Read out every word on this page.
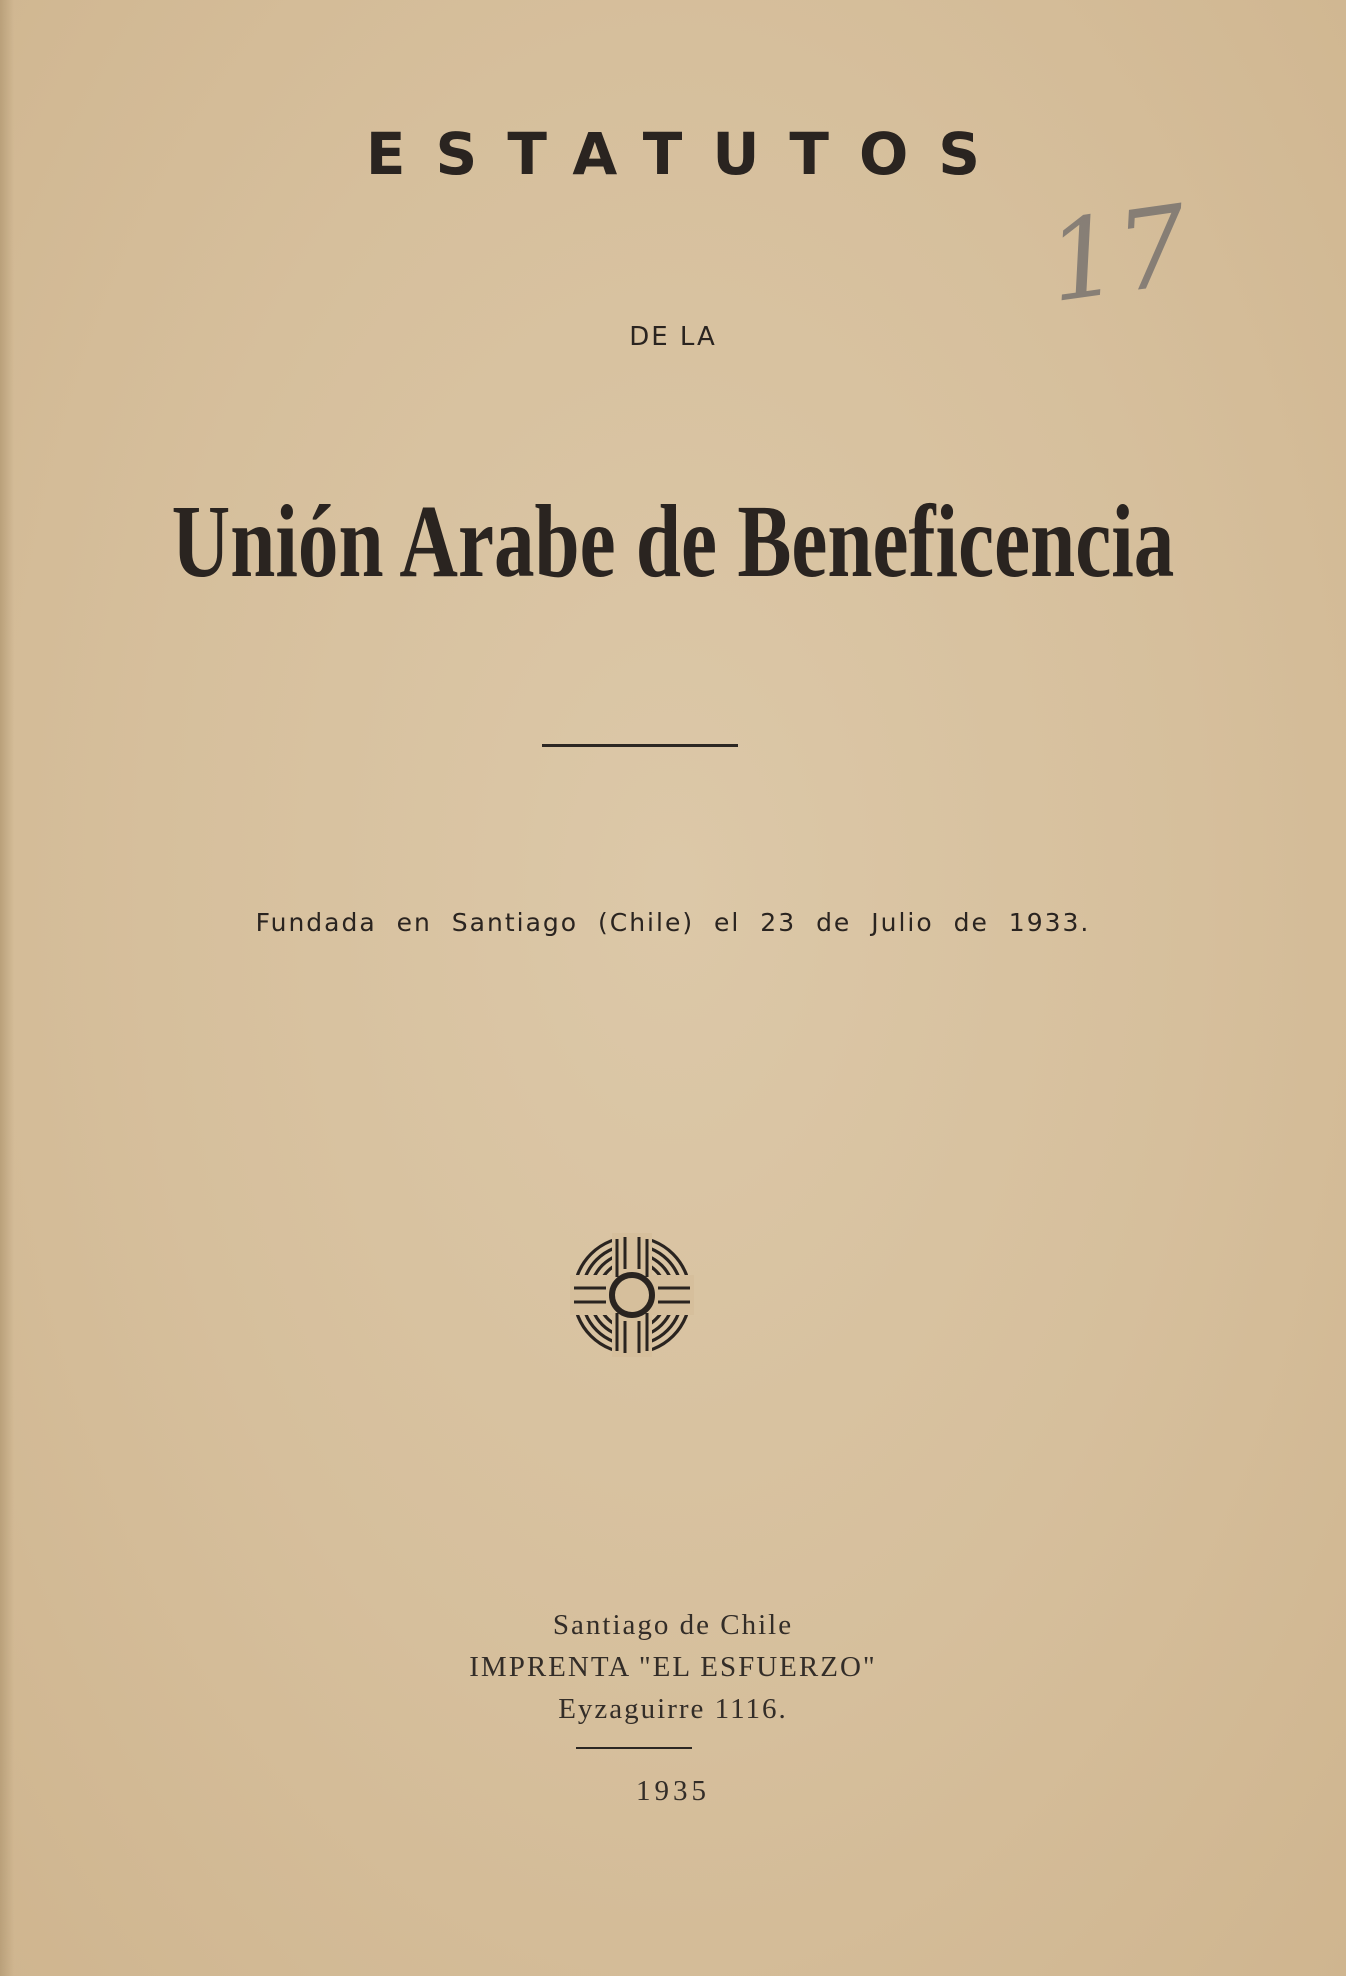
ESTATUTOS
DE LA
17
Unión Arabe de Beneficencia
Fundada en Santiago (Chile) el 23 de Julio de 1933.
Santiago de Chile
IMPRENTA "EL ESFUERZO"
Eyzaguirre 1116.
1935
